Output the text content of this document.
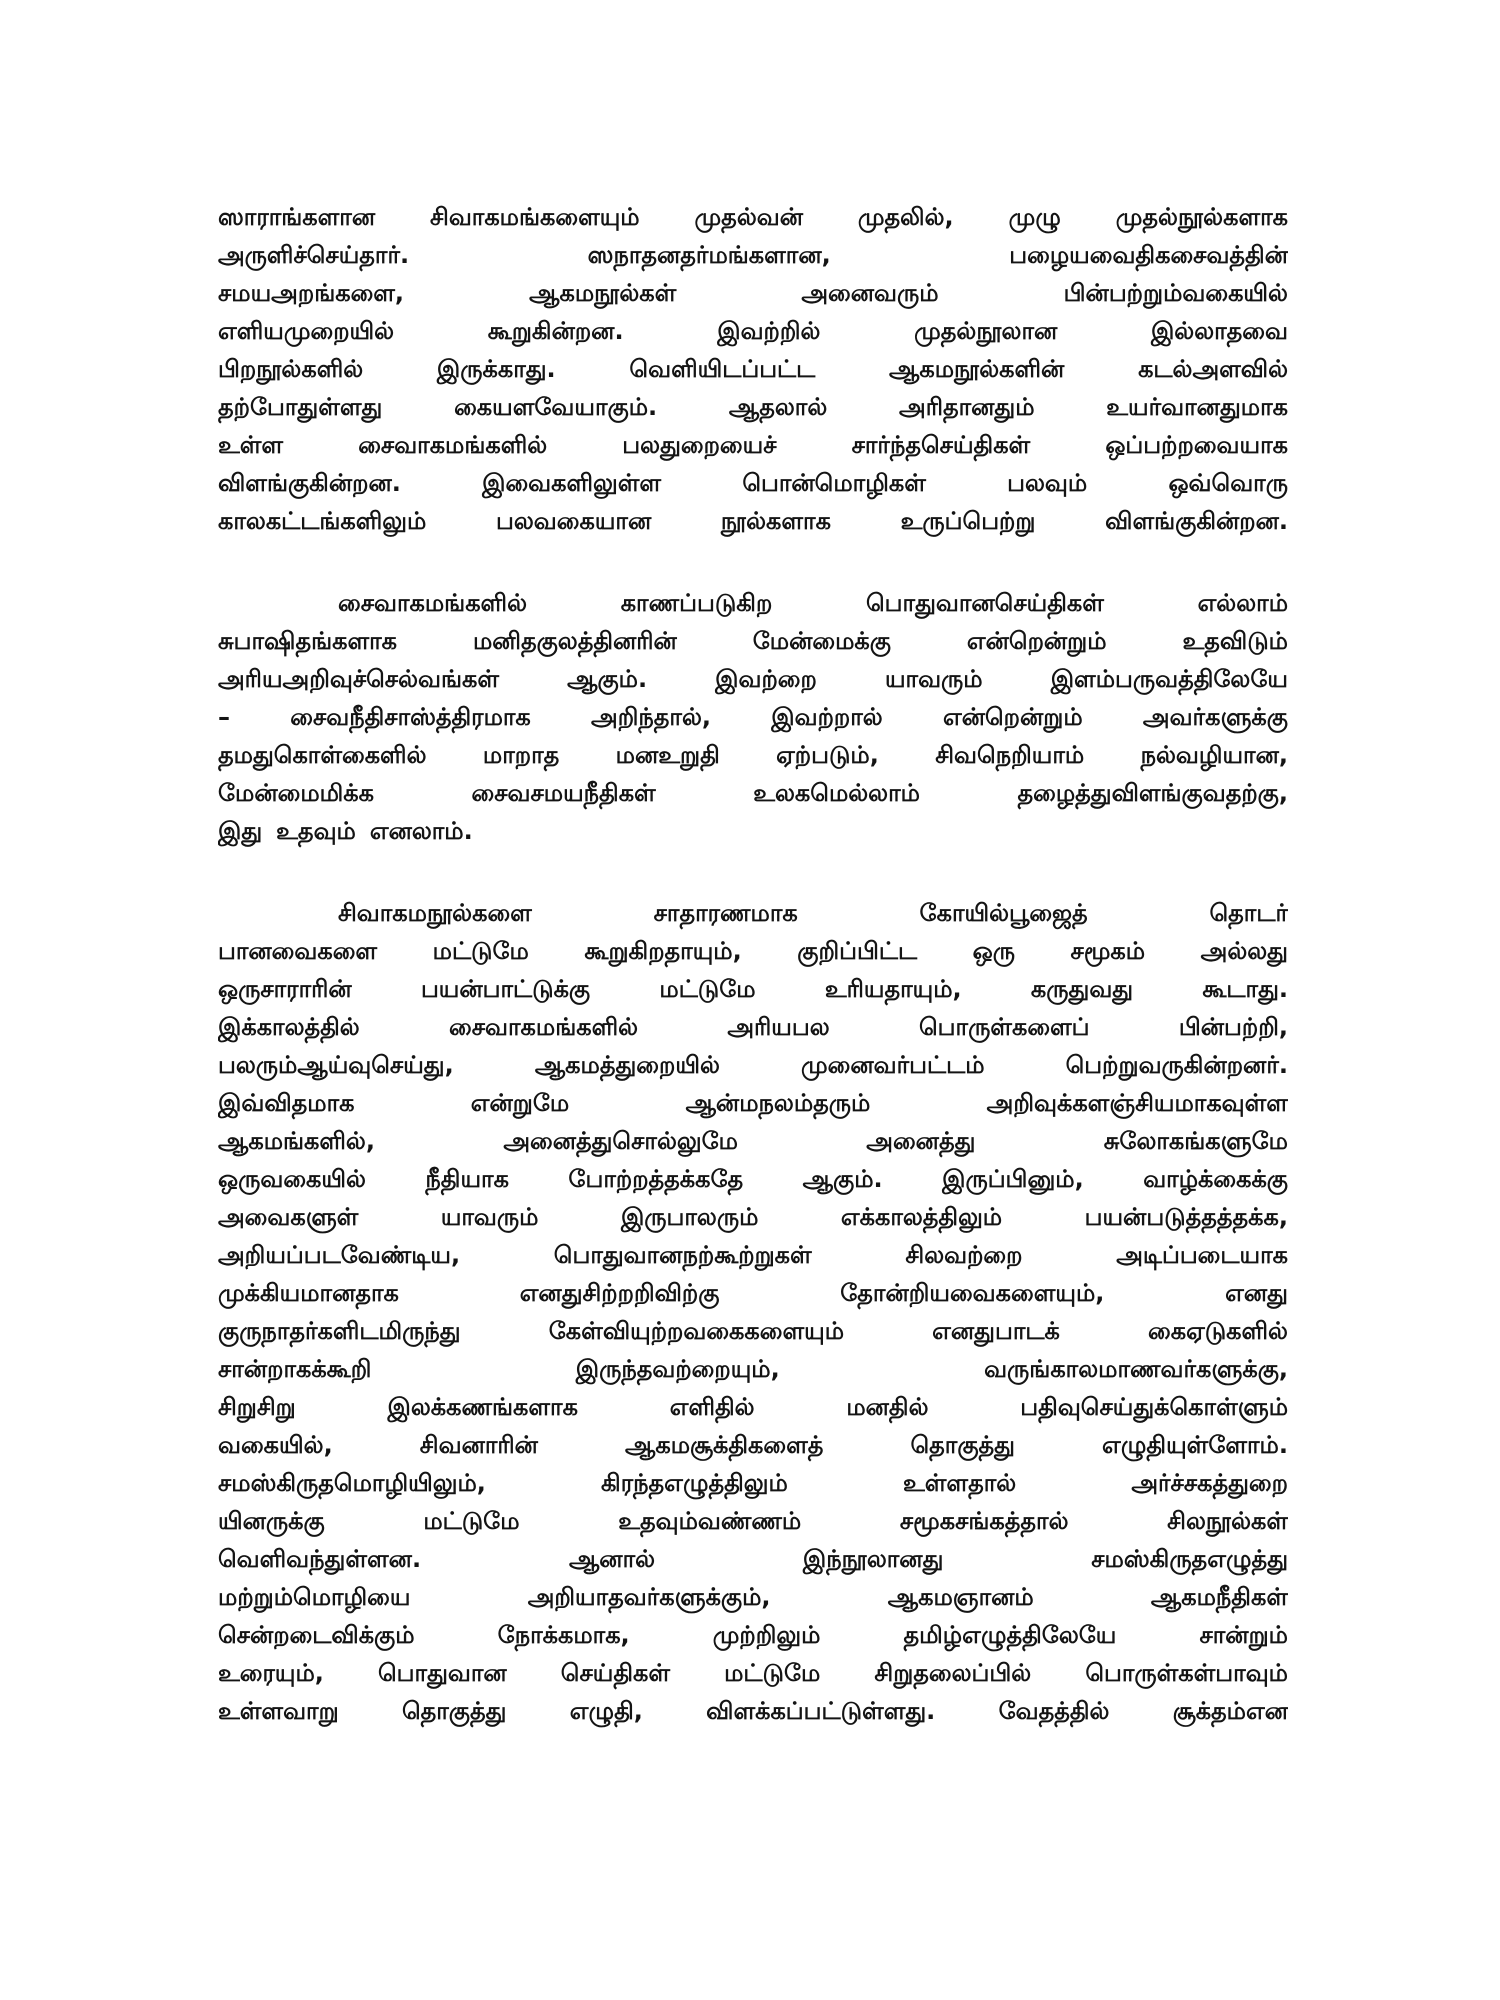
ஸாராங்களான சிவாகமங்களையும் முதல்வன் முதலில், முழு முதல்நூல்களாக
அருளிச்செய்தார்.	ஸநாதனதர்மங்களான,	பழையவைதிகசைவத்தின்
சமயஅறங்களை,	ஆகமநூல்கள்	அனைவரும்	பின்பற்றும்வகையில்
எளியமுறையில்	கூறுகின்றன.	இவற்றில்	முதல்நூலான	இல்லாதவை
பிறநூல்களில்	இருக்காது.	வெளியிடப்பட்ட	ஆகமநூல்களின்	கடல்அளவில்
தற்போதுள்ளது	கையளவேயாகும்.	ஆதலால்	அரிதானதும்	உயர்வானதுமாக
உள்ள	சைவாகமங்களில்	பலதுறையைச்	சார்ந்தசெய்திகள்	ஒப்பற்றவையாக
விளங்குகின்றன.	இவைகளிலுள்ள	பொன்மொழிகள்	பலவும்	ஒவ்வொரு
காலகட்டங்களிலும்	பலவகையான	நூல்களாக	உருப்பெற்று	விளங்குகின்றன.
சைவாகமங்களில்	காணப்படுகிற	பொதுவானசெய்திகள்	எல்லாம்
சுபாஷிதங்களாக	மனிதகுலத்தினரின்	மேன்மைக்கு	என்றென்றும்	உதவிடும்
அரியஅறிவுச்செல்வங்கள்	ஆகும்.	இவற்றை	யாவரும்	இளம்பருவத்திலேயே
–	சைவநீதிசாஸ்த்திரமாக	அறிந்தால்,	இவற்றால்	என்றென்றும்	அவர்களுக்கு
தமதுகொள்கைளில் மாறாத மனஉறுதி ஏற்படும், சிவநெறியாம் நல்வழியான,
மேன்மைமிக்க	சைவசமயநீதிகள்	உலகமெல்லாம்	தழைத்துவிளங்குவதற்கு,
இது உதவும் எனலாம்.
சிவாகமநூல்களை	சாதாரணமாக	கோயில்பூஜைத்	தொடர்
பானவைகளை மட்டுமே கூறுகிறதாயும், குறிப்பிட்ட ஒரு சமூகம் அல்லது
ஒருசாராரின்	பயன்பாட்டுக்கு	மட்டுமே	உரியதாயும்,	கருதுவது	கூடாது.
இக்காலத்தில்	சைவாகமங்களில்	அரியபல	பொருள்களைப்	பின்பற்றி,
பலரும்ஆய்வுசெய்து,	ஆகமத்துறையில்	முனைவர்பட்டம்	பெற்றுவருகின்றனர்.
இவ்விதமாக	என்றுமே	ஆன்மநலம்தரும்	அறிவுக்களஞ்சியமாகவுள்ள
ஆகமங்களில்,	அனைத்துசொல்லுமே	அனைத்து	சுலோகங்களுமே
ஒருவகையில் நீதியாக போற்றத்தக்கதே ஆகும். இருப்பினும், வாழ்க்கைக்கு
அவைகளுள்	யாவரும்	இருபாலரும்	எக்காலத்திலும்	பயன்படுத்தத்தக்க,
அறியப்படவேண்டிய,	பொதுவானநற்கூற்றுகள்	சிலவற்றை	அடிப்படையாக
முக்கியமானதாக	எனதுசிற்றறிவிற்கு	தோன்றியவைகளையும்,	எனது
குருநாதர்களிடமிருந்து	கேள்வியுற்றவகைகளையும்	எனதுபாடக்	கைஏடுகளில்
சான்றாகக்கூறி	இருந்தவற்றையும்,	வருங்காலமாணவர்களுக்கு,
சிறுசிறு	இலக்கணங்களாக	எளிதில்	மனதில்	பதிவுசெய்துக்கொள்ளும்
வகையில்,	சிவனாரின்	ஆகமசூக்திகளைத்	தொகுத்து	எழுதியுள்ளோம்.
சமஸ்கிருதமொழியிலும்,	கிரந்தஎழுத்திலும்	உள்ளதால்	அர்ச்சகத்துறை
யினருக்கு	மட்டுமே	உதவும்வண்ணம்	சமூகசங்கத்தால்	சிலநூல்கள்
வெளிவந்துள்ளன.	ஆனால்	இந்நூலானது	சமஸ்கிருதஎழுத்து
மற்றும்மொழியை	அறியாதவர்களுக்கும்,	ஆகமஞானம்	ஆகமநீதிகள்
சென்றடைவிக்கும்	நோக்கமாக,	முற்றிலும்	தமிழ்எழுத்திலேயே	சான்றும்
உரையும், பொதுவான செய்திகள் மட்டுமே சிறுதலைப்பில் பொருள்கள்பாவும்
உள்ளவாறு	தொகுத்து	எழுதி,	விளக்கப்பட்டுள்ளது.	வேதத்தில்	சூக்தம்என
